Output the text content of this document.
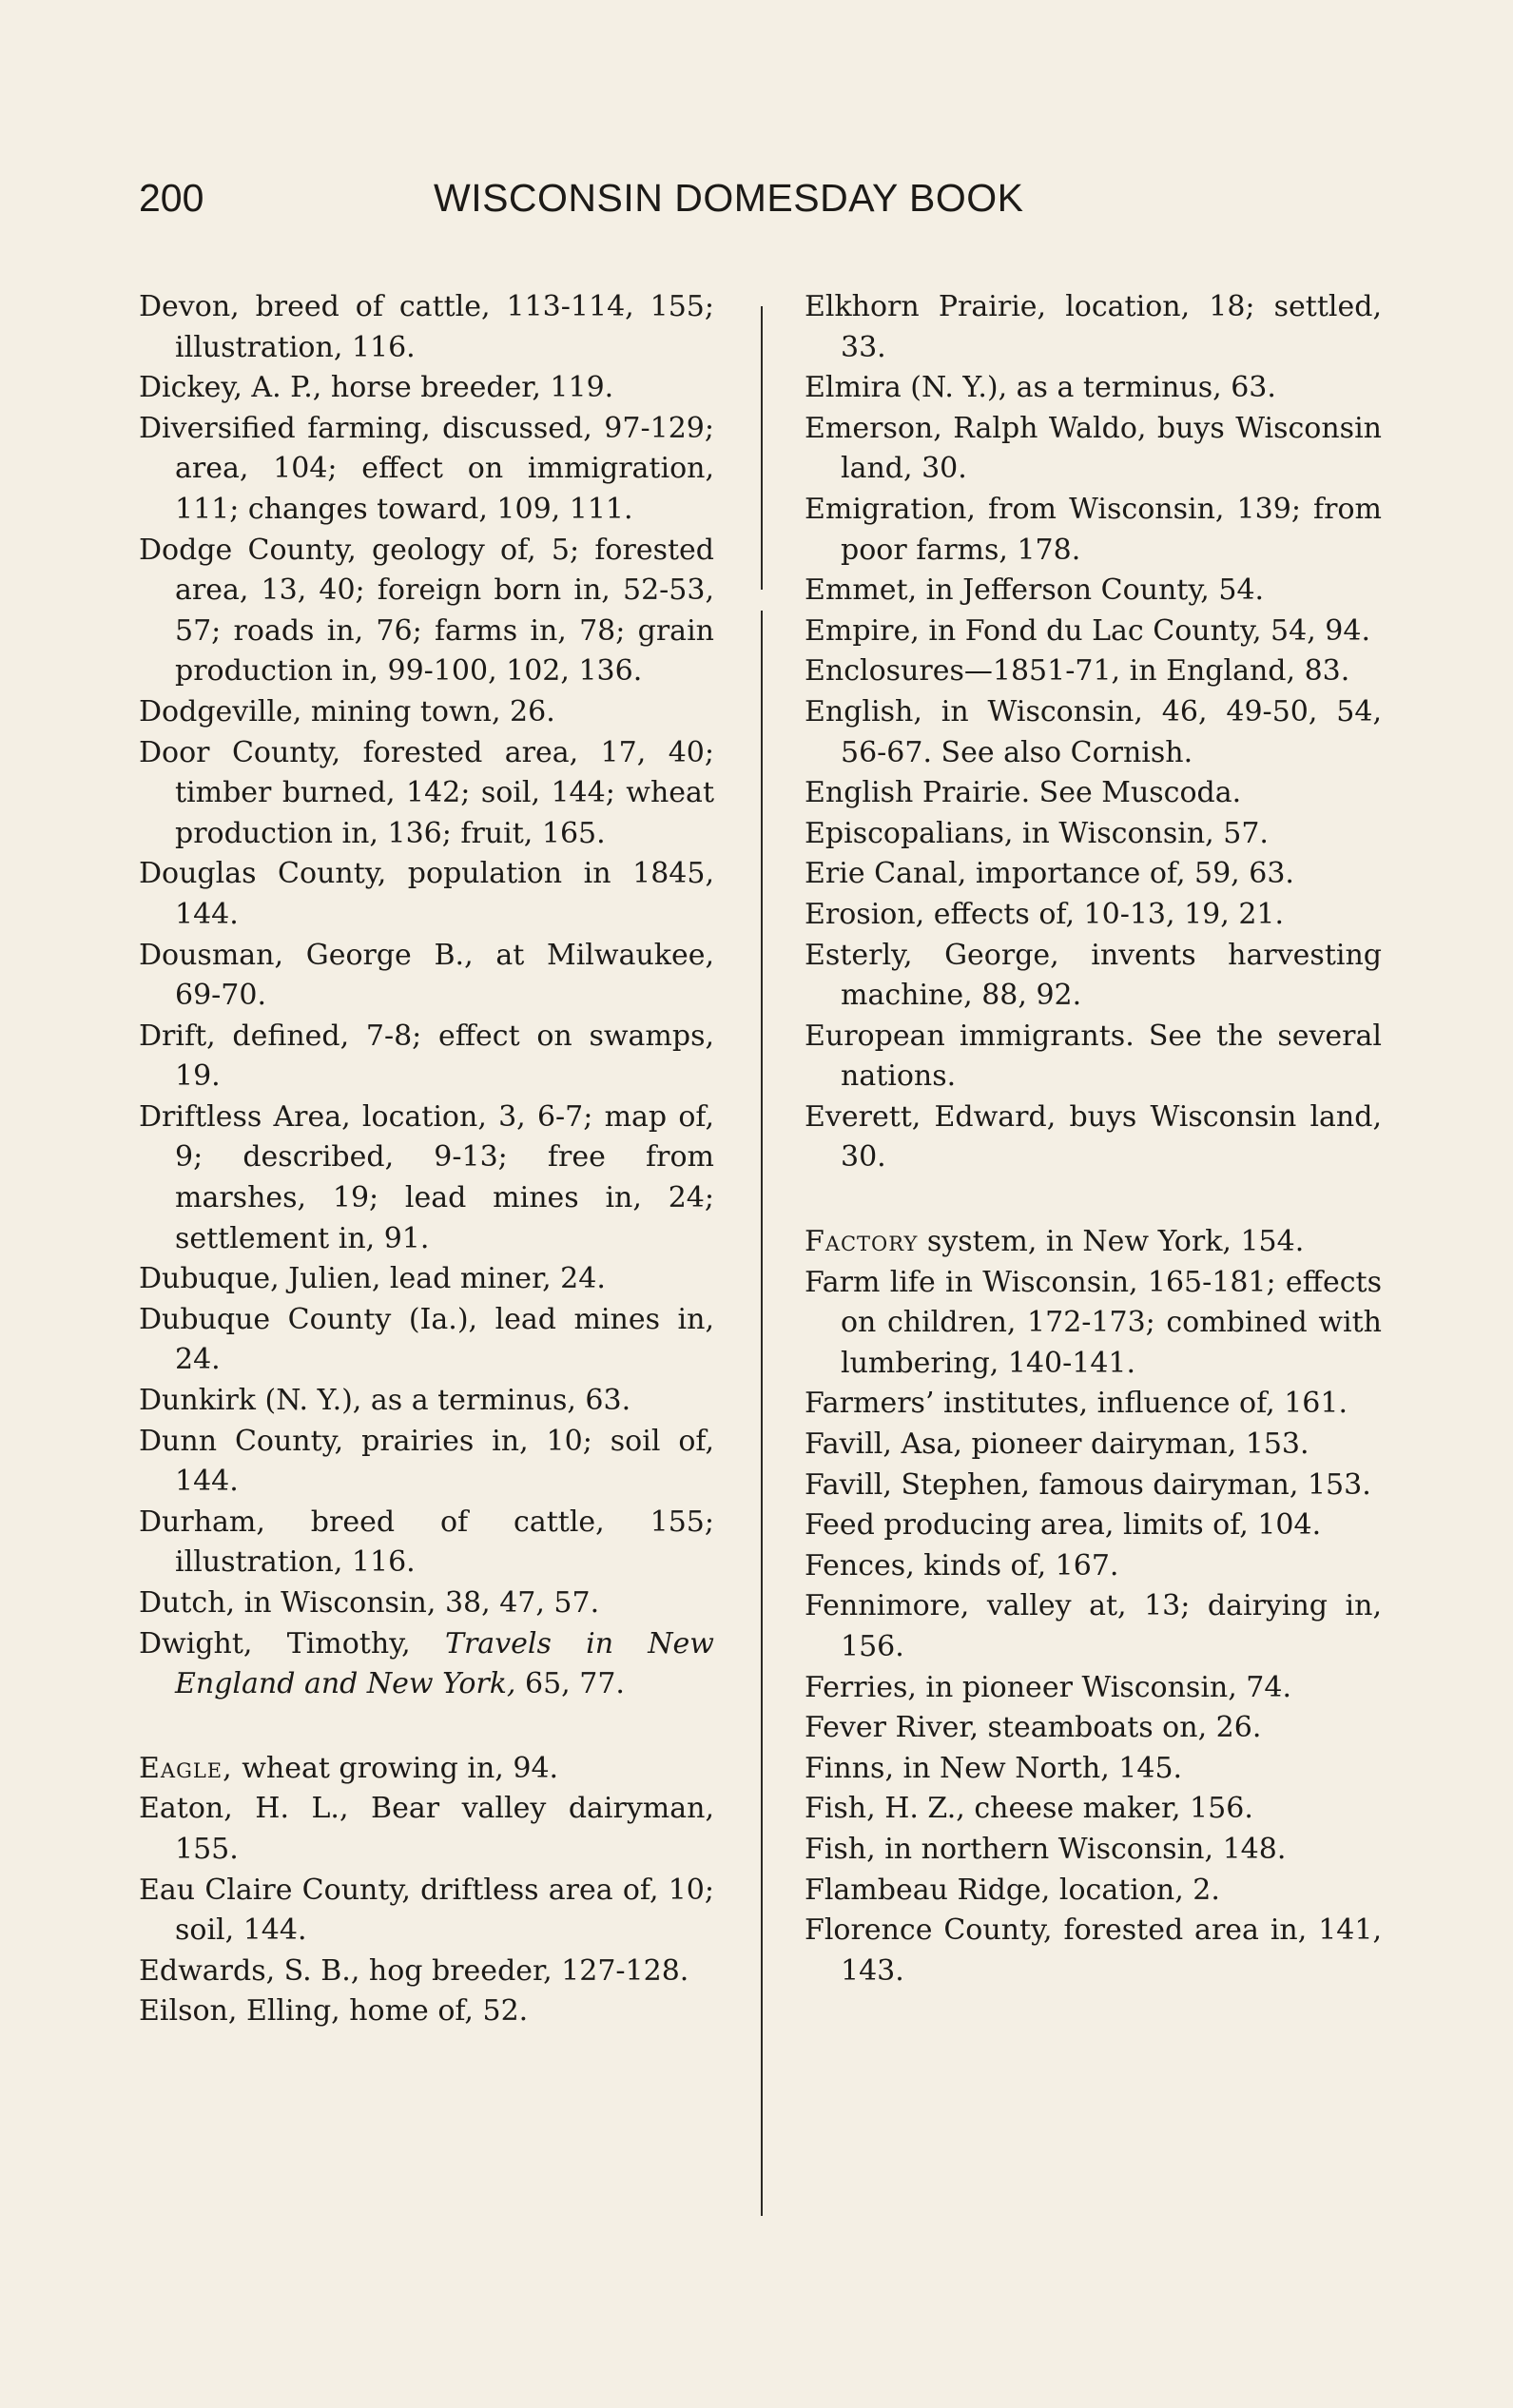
200	WISCONSIN DOMESDAY BOOK

Devon, breed of cattle, 113-114, 155; illustration, 116.

Dickey, A. P., horse breeder, 119.

Diversified farming, discussed, 97-129; area, 104; effect on immigration, 111; changes toward, 109, 111.

Dodge County, geology of, 5; forested area, 13, 40; foreign born in, 52-53, 57; roads in, 76; farms in, 78; grain production in, 99-100, 102, 136.

Dodgeville, mining town, 26.

Door County, forested area, 17, 40; timber burned, 142; soil, 144; wheat production in, 136; fruit, 165.

Douglas County, population in 1845, 144.

Dousman, George B., at Milwaukee, 69-70.

Drift, defined, 7-8; effect on swamps, 19.

Driftless Area, location, 3, 6-7; map of, 9; described, 9-13; free from marshes, 19; lead mines in, 24; settlement in, 91.

Dubuque, Julien, lead miner, 24.

Dubuque County (Ia.), lead mines in, 24.

Dunkirk (N. Y.), as a terminus, 63.

Dunn County, prairies in, 10; soil of, 144.

Durham, breed of cattle, 155; illustration, 116.

Dutch, in Wisconsin, 38, 47, 57.

Dwight, Timothy, Travels in New England and New York, 65, 77.

Eagle, wheat growing in, 94.

Eaton, H. L., Bear valley dairyman, 155.

Eau Claire County, driftless area of, 10; soil, 144.

Edwards, S. B., hog breeder, 127-128.

Eilson, Elling, home of, 52.

Elkhorn Prairie, location, 18; settled, 33.

Elmira (N. Y.), as a terminus, 63.

Emerson, Ralph Waldo, buys Wisconsin land, 30.

Emigration, from Wisconsin, 139; from poor farms, 178.

Emmet, in Jefferson County, 54.

Empire, in Fond du Lac County, 54, 94.

Enclosures—1851-71, in England, 83.

English, in Wisconsin, 46, 49-50, 54, 56-67. See also Cornish.

English Prairie. See Muscoda.

Episcopalians, in Wisconsin, 57.

Erie Canal, importance of, 59, 63.

Erosion, effects of, 10-13, 19, 21.

Esterly, George, invents harvesting machine, 88, 92.

European immigrants. See the several nations.

Everett, Edward, buys Wisconsin land, 30.

Factory system, in New York, 154.

Farm life in Wisconsin, 165-181; effects on children, 172-173; combined with lumbering, 140-141.

Farmers’ institutes, influence of, 161.

Favill, Asa, pioneer dairyman, 153.

Favill, Stephen, famous dairyman, 153.

Feed producing area, limits of, 104.

Fences, kinds of, 167.

Fennimore, valley at, 13; dairying in, 156.

Ferries, in pioneer Wisconsin, 74.

Fever River, steamboats on, 26.

Finns, in New North, 145.

Fish, H. Z., cheese maker, 156.

Fish, in northern Wisconsin, 148.

Flambeau Ridge, location, 2.

Florence County, forested area in, 141, 143.
